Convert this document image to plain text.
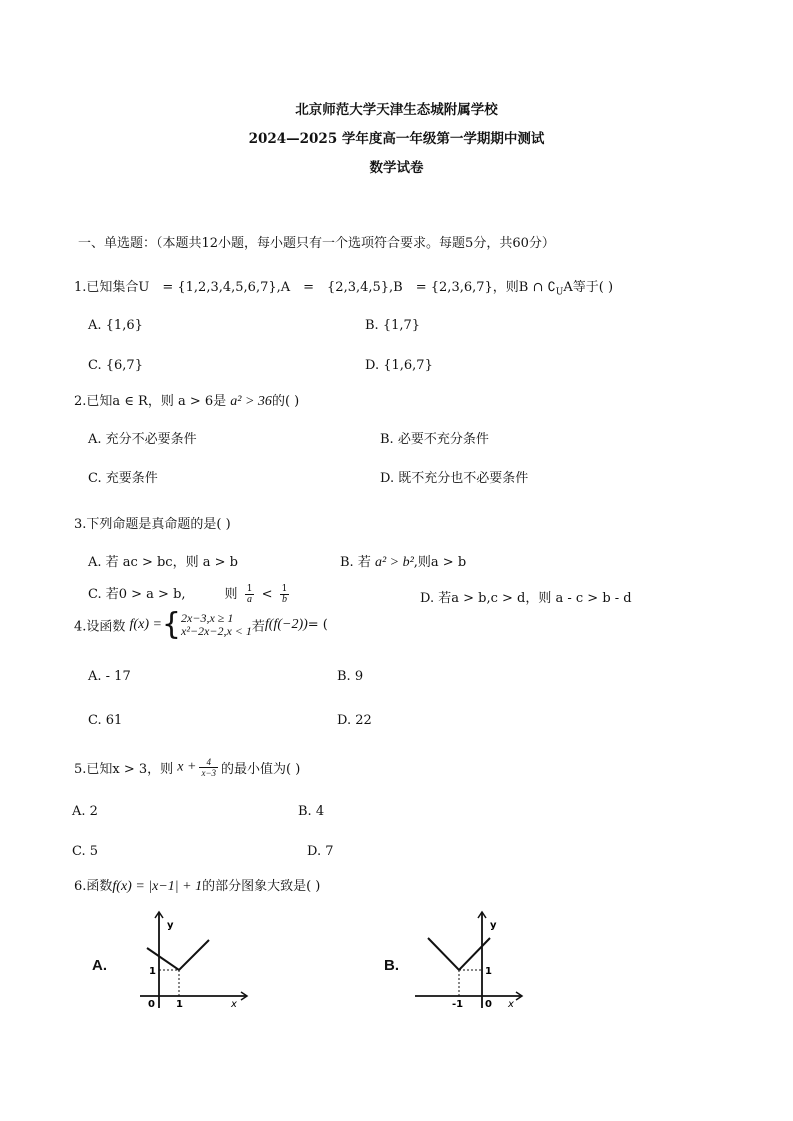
北京师范大学天津生态城附属学校
2024—2025 学年度高一年级第一学期期中测试
数学试卷
一、单选题：（本题共12小题，每小题只有一个选项符合要求。每题5分，共60分）
1.已知集合U　= {1,2,3,4,5,6,7},A　=　{2,3,4,5},B　= {2,3,6,7}，则B ∩ $∁_UA$等于( )
A. {1,6}	B. {1,7}
C. {6,7}	D. {1,6,7}
2.已知a ∈ R，则 a > 6是 a² > 36的( )
A. 充分不必要条件	B. 必要不充分条件
C. 充要条件	D. 既不充分也不必要条件
3.下列命题是真命题的是( )
A. 若 ac > bc，则 a > b	B. 若 a² > b²,则a > b
C. 若0 > a > b,　　　则 $\frac{1}{a} < \frac{1}{b}$	D. 若a > b,c > d，则 a - c > b - d
4.设函数 f(x) ={ 2x−3,x ≥ 1
x²−2x−2,x < 1 若f(f(−2))= (
A. - 17	B. 9
C. 61	D. 22
5.已知x > 3，则 $x + \frac{4}{x-3}$ 的最小值为( )
A. 2	B. 4
C. 5	D. 7
6.函数f(x) = |x−1| + 1的部分图象大致是( )
A.
y
x
0 1
1	B.
y
x
0
-1
1
